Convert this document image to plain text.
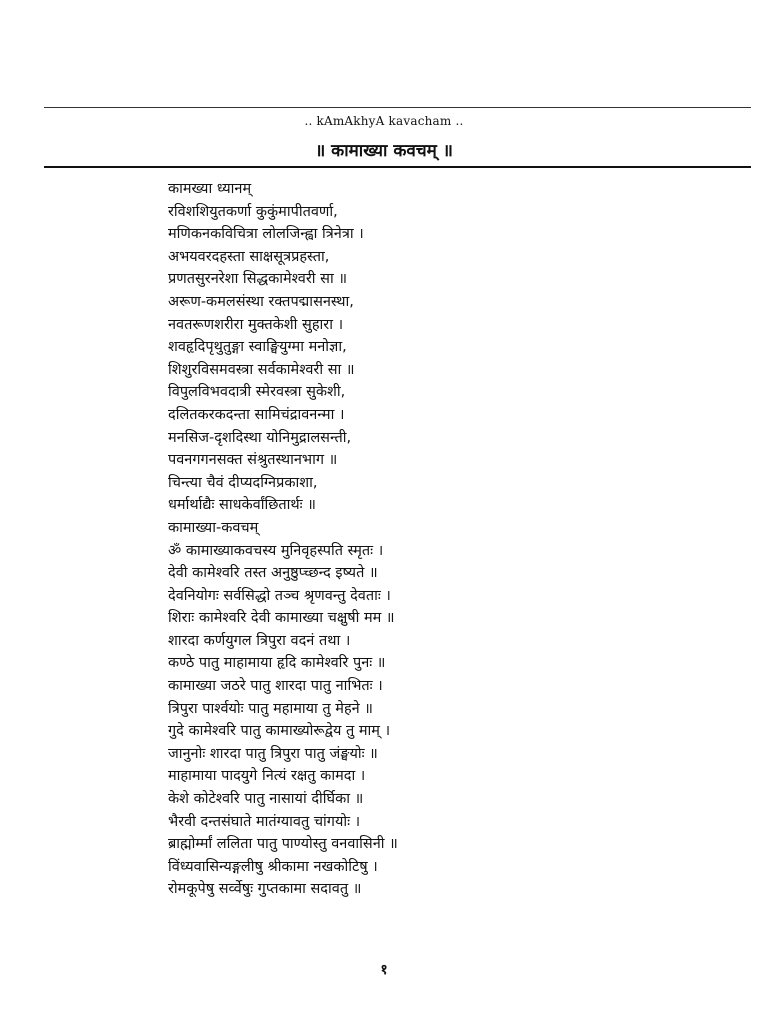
.. kAmAkhyA kavacham ..
॥ कामाख्या कवचम् ॥
कामख्या ध्यानम्
रविशशियुतकर्णा कुकुंमापीतवर्णा,
मणिकनकविचित्रा लोलजिन्ह्वा त्रिनेत्रा ।
अभयवरदहस्ता साक्षसूत्रप्रहस्ता,
प्रणतसुरनरेशा सिद्धकामेश्वरी सा ॥
अरूण-कमलसंस्था रक्तपद्मासनस्था,
नवतरूणशरीरा मुक्तकेशी सुहारा ।
शवहृदिपृथुतुङ्गा स्वाङ्घियुग्मा मनोज्ञा,
शिशुरविसमवस्त्रा सर्वकामेश्वरी सा ॥
विपुलविभवदात्री स्मेरवस्त्रा सुकेशी,
दलितकरकदन्ता सामिचंद्रावनन्मा ।
मनसिज-दृशदिस्था योनिमुद्रालसन्ती,
पवनगगनसक्त संश्रुतस्थानभाग ॥
चिन्त्या चैवं दीप्यदग्निप्रकाशा,
धर्मार्थाद्यैः साधकेर्वांछितार्थः ॥
कामाख्या-कवचम्
ॐ कामाख्याकवचस्य मुनिवृहस्पति स्मृतः ।
देवी कामेश्वरि तस्त अनुष्ठुप्च्छन्द इष्यते ॥
देवनियोगः सर्वसिद्धो तञ्च श्रृणवन्तु देवताः ।
शिराः कामेश्वरि देवी कामाख्या चक्षुषी मम ॥
शारदा कर्णयुगल त्रिपुरा वदनं तथा ।
कण्ठे पातु माहामाया हृदि कामेश्वरि पुनः ॥
कामाख्या जठरे पातु शारदा पातु नाभितः ।
त्रिपुरा पार्श्वयोः पातु महामाया तु मेहने ॥
गुदे कामेश्वरि पातु कामाख्योरूद्वेय तु माम् ।
जानुनोः शारदा पातु त्रिपुरा पातु जंङ्घयोः ॥
माहामाया पादयुगे नित्यं रक्षतु कामदा ।
केशे कोटेश्वरि पातु नासायां दीर्घिका ॥
भैरवी दन्तसंघाते मातंग्यावतु चांगयोः ।
ब्राह्मोर्म्मां ललिता पातु पाण्योस्तु वनवासिनी ॥
विंध्यवासिन्यङ्गलीषु श्रीकामा नखकोटिषु ।
रोमकूपेषु सर्व्वेषुः गुप्तकामा सदावतु ॥
१
